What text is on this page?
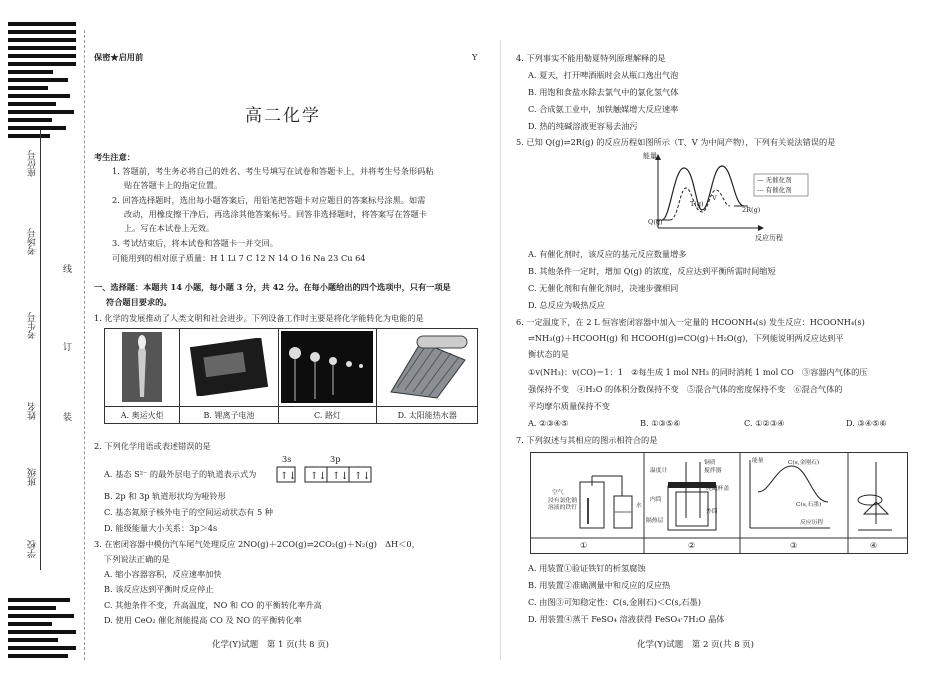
座位号
考场号
考生号
姓名
班级
学校
线
订
装
保密★启用前	Y
高二化学
考生注意：
1. 答题前，考生务必将自己的姓名、考生号填写在试卷和答题卡上，并将考生号条形码粘
贴在答题卡上的指定位置。
2. 回答选择题时，选出每小题答案后，用铅笔把答题卡对应题目的答案标号涂黑。如需
改动，用橡皮擦干净后，再选涂其他答案标号。回答非选择题时，将答案写在答题卡
上。写在本试卷上无效。
3. 考试结束后，将本试卷和答题卡一并交回。
可能用到的相对原子质量：H 1 Li 7 C 12 N 14 O 16 Na 23 Cu 64
一、选择题：本题共 14 小题，每小题 3 分，共 42 分。在每小题给出的四个选项中，只有一项是
符合题目要求的。
1. 化学的发展推动了人类文明和社会进步。下列设备工作时主要是将化学能转化为电能的是

A. 奥运火炬	B. 锂离子电池	C. 路灯	D. 太阳能热水器
2. 下列化学用语或表述错误的是
3s	3p
A. 基态 S²⁻ 的最外层电子的轨道表示式为 ↑↓ ↑↓ ↑↓ ↑↓
B. 2p 和 3p 轨道形状均为哑铃形
C. 基态氮原子核外电子的空间运动状态有 5 种
D. 能级能量大小关系：3p＞4s
3. 在密闭容器中模仿汽车尾气处理反应 2NO(g)＋2CO(g)⇌2CO₂(g)＋N₂(g)　ΔH＜0，
下列说法正确的是
A. 缩小容器容积，反应速率加快
B. 该反应达到平衡时反应停止
C. 其他条件不变，升高温度，NO 和 CO 的平衡转化率升高
D. 使用 CeO₂ 催化剂能提高 CO 及 NO 的平衡转化率
化学(Y)试题　第 1 页(共 8 页)
4. 下列事实不能用勒夏特列原理解释的是
A. 夏天，打开啤酒瓶时会从瓶口逸出气泡
B. 用饱和食盐水除去氯气中的氯化氢气体
C. 合成氨工业中，加铁触媒增大反应速率
D. 热的纯碱溶液更容易去油污
5. 已知 Q(g)⇌2R(g) 的反应历程如图所示（T、V 为中间产物），下列有关说法错误的是
能量
反应历程
— 无催化剂
--- 有催化剂
Q(g)
T(g)
V
2R(g)
A. 有催化剂时，该反应的基元反应数量增多
B. 其他条件一定时，增加 Q(g) 的浓度，反应达到平衡所需时间缩短
C. 无催化剂和有催化剂时，决速步骤相同
D. 总反应为吸热反应
6. 一定温度下，在 2 L 恒容密闭容器中加入一定量的 HCOONH₄(s) 发生反应：HCOONH₄(s)
⇌NH₃(g)＋HCOOH(g) 和 HCOOH(g)⇌CO(g)＋H₂O(g)，下列能说明两反应达到平
衡状态的是
①v(NH₃)：v(CO)＝1：1　②每生成 1 mol NH₃ 的同时消耗 1 mol CO　③容器内气体的压
强保持不变　④H₂O 的体积分数保持不变　⑤混合气体的密度保持不变　⑥混合气体的
平均摩尔质量保持不变
A. ②③④⑤	B. ①③⑤⑥	C. ①②③④	D. ③④⑤⑥
7. 下列叙述与其相应的图示相符合的是
空气
浸有氯化钠
溶液的铁钉	水
温度计
铜质
搅拌器
纯碱杯盖
内筒
外筒
隔热层
能量	C(s,金刚石)
C(s,石墨)
反应历程
①	②	③	④
A. 用装置①验证铁钉的析氢腐蚀
B. 用装置②准确测量中和反应的反应热
C. 由图③可知稳定性：C(s,金刚石)＜C(s,石墨)
D. 用装置④蒸干 FeSO₄ 溶液获得 FeSO₄·7H₂O 晶体
化学(Y)试题　第 2 页(共 8 页)
